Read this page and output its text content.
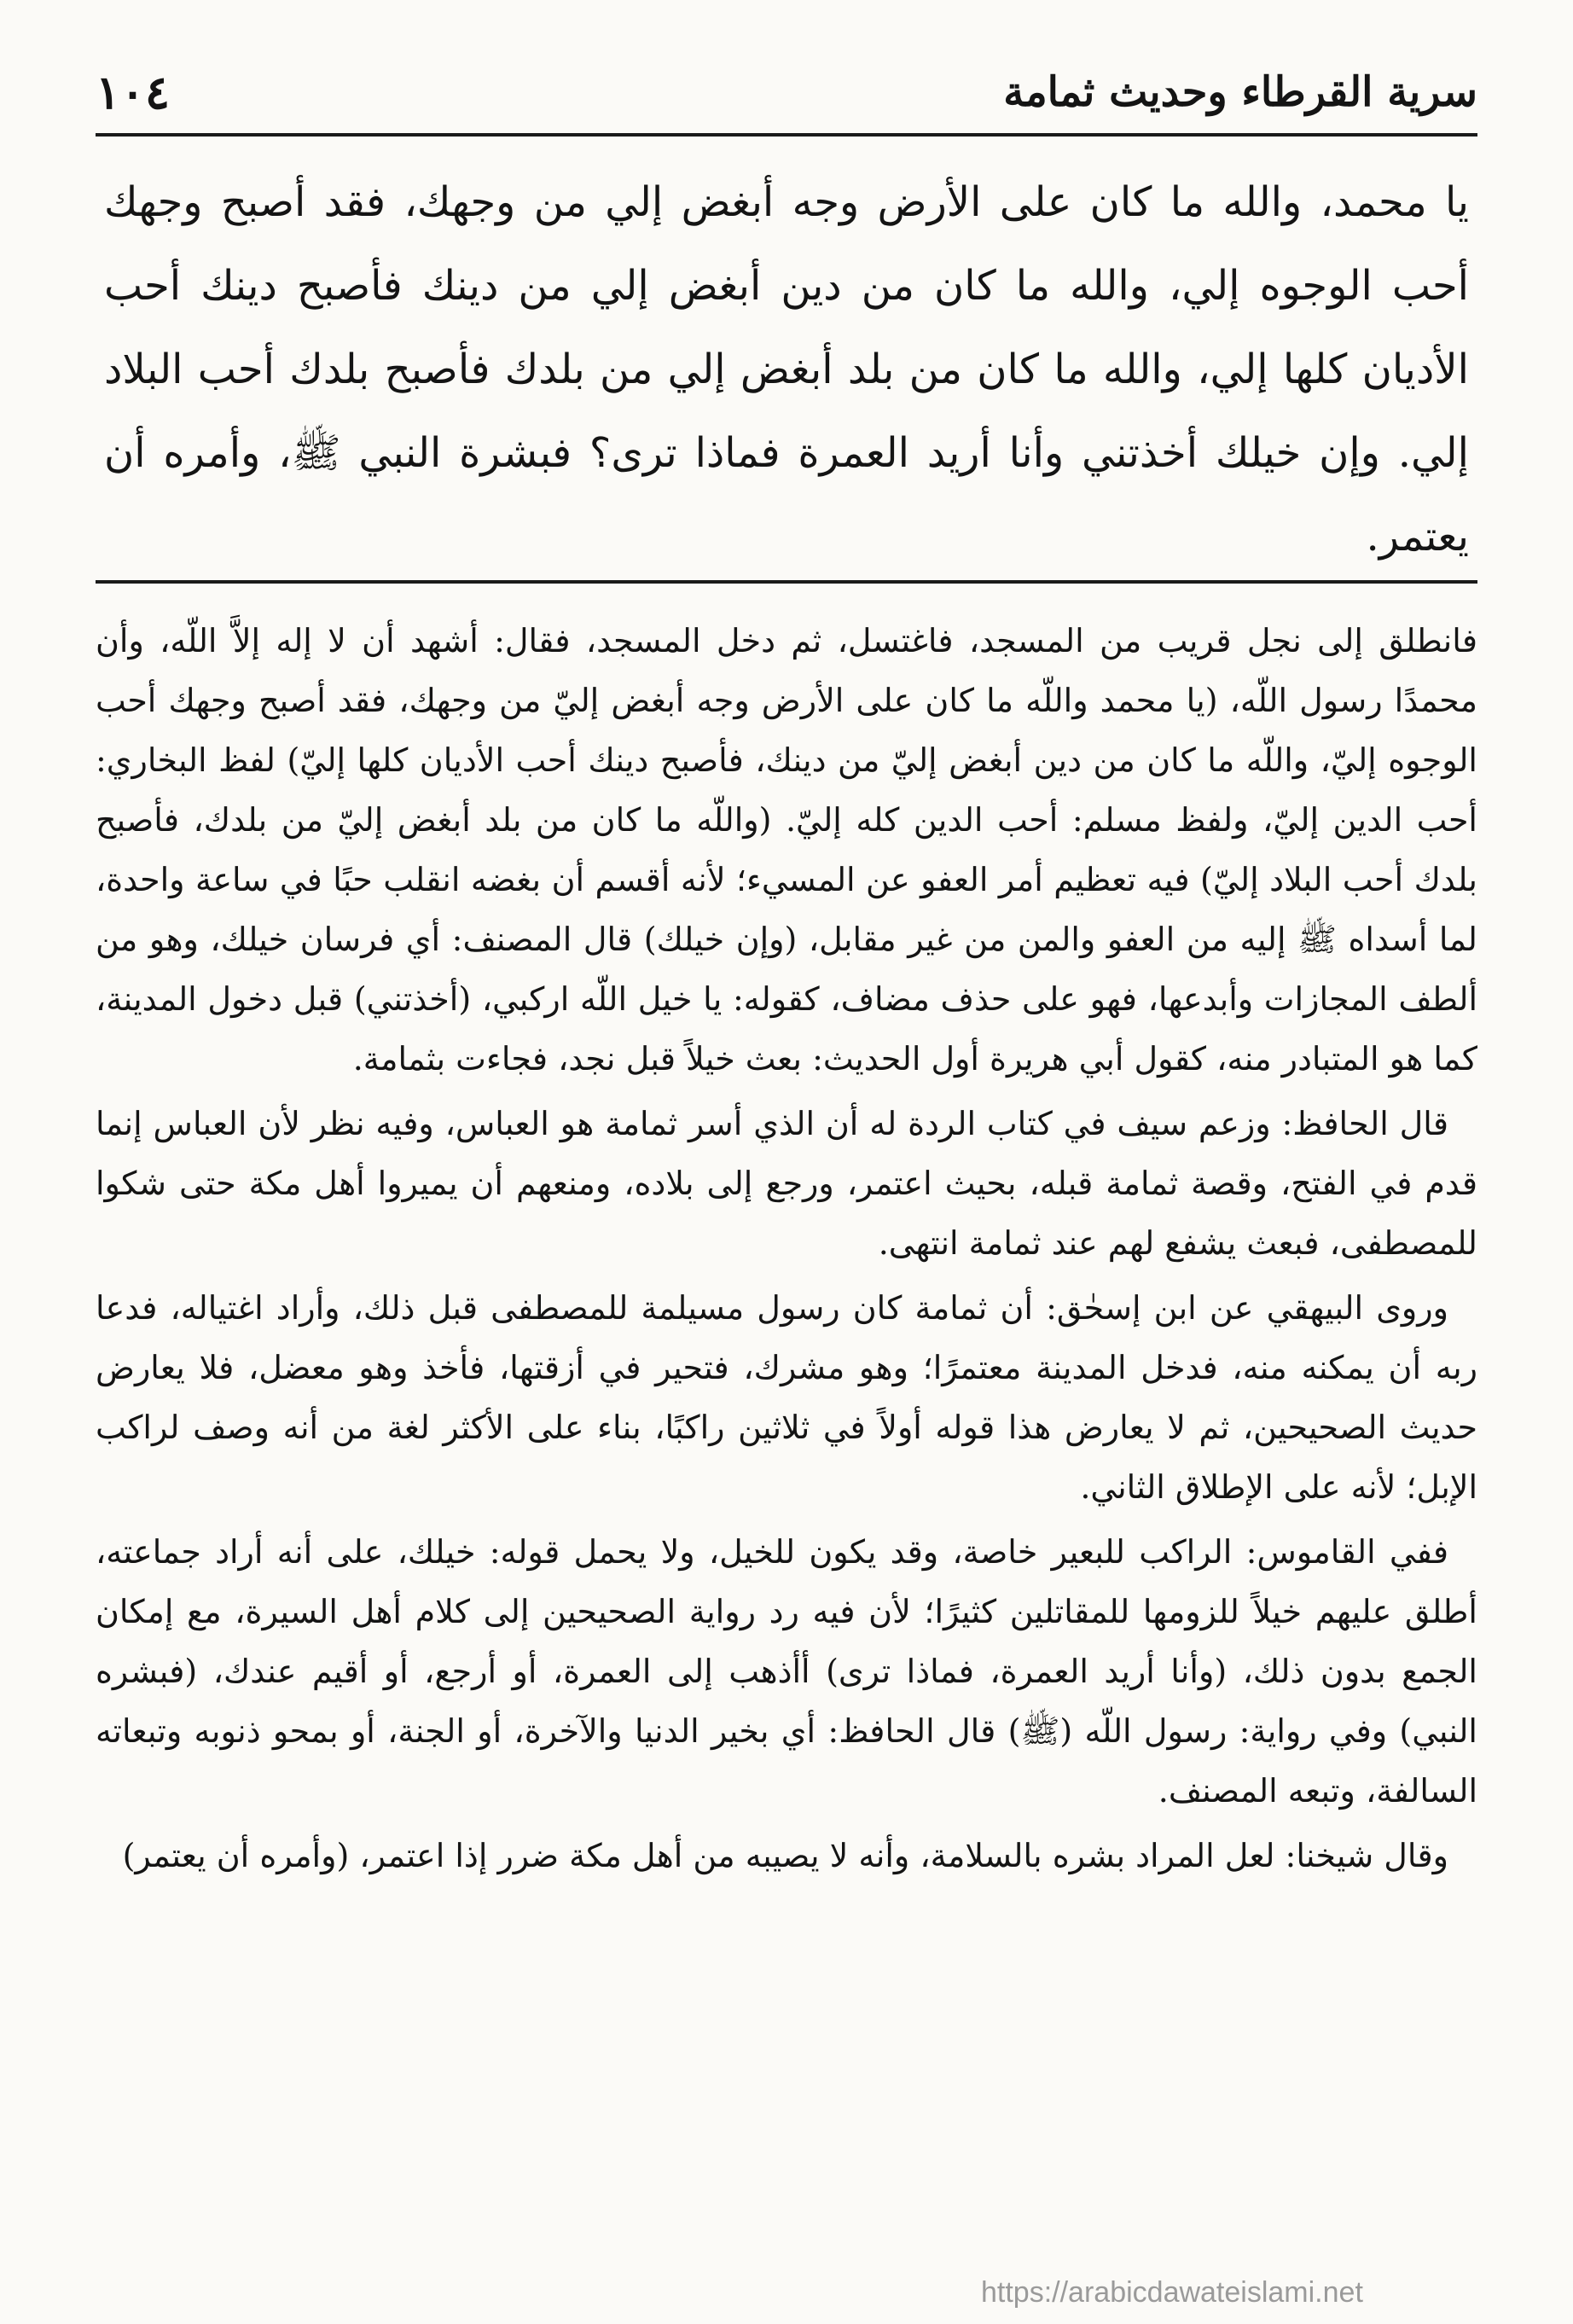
سرية القرطاء وحديث ثمامة
١٠٤

يا محمد، والله ما كان على الأرض وجه أبغض إلي من وجهك، فقد أصبح وجهك أحب الوجوه إلي، والله ما كان من دين أبغض إلي من دينك فأصبح دينك أحب الأديان كلها إلي، والله ما كان من بلد أبغض إلي من بلدك فأصبح بلدك أحب البلاد إلي. وإن خيلك أخذتني وأنا أريد العمرة فماذا ترى؟ فبشرة النبي ﷺ، وأمره أن يعتمر.

فانطلق إلى نجل قريب من المسجد، فاغتسل، ثم دخل المسجد، فقال: أشهد أن لا إله إلاَّ اللّه، وأن محمدًا رسول اللّه، (يا محمد واللّه ما كان على الأرض وجه أبغض إليّ من وجهك، فقد أصبح وجهك أحب الوجوه إليّ، واللّه ما كان من دين أبغض إليّ من دينك، فأصبح دينك أحب الأديان كلها إليّ) لفظ البخاري: أحب الدين إليّ، ولفظ مسلم: أحب الدين كله إليّ. (واللّه ما كان من بلد أبغض إليّ من بلدك، فأصبح بلدك أحب البلاد إليّ) فيه تعظيم أمر العفو عن المسيء؛ لأنه أقسم أن بغضه انقلب حبًا في ساعة واحدة، لما أسداه ﷺ إليه من العفو والمن من غير مقابل، (وإن خيلك) قال المصنف: أي فرسان خيلك، وهو من ألطف المجازات وأبدعها، فهو على حذف مضاف، كقوله: يا خيل اللّه اركبي، (أخذتني) قبل دخول المدينة، كما هو المتبادر منه، كقول أبي هريرة أول الحديث: بعث خيلاً قبل نجد، فجاءت بثمامة.

قال الحافظ: وزعم سيف في كتاب الردة له أن الذي أسر ثمامة هو العباس، وفيه نظر لأن العباس إنما قدم في الفتح، وقصة ثمامة قبله، بحيث اعتمر، ورجع إلى بلاده، ومنعهم أن يميروا أهل مكة حتى شكوا للمصطفى، فبعث يشفع لهم عند ثمامة انتهى.

وروى البيهقي عن ابن إسحٰق: أن ثمامة كان رسول مسيلمة للمصطفى قبل ذلك، وأراد اغتياله، فدعا ربه أن يمكنه منه، فدخل المدينة معتمرًا؛ وهو مشرك، فتحير في أزقتها، فأخذ وهو معضل، فلا يعارض حديث الصحيحين، ثم لا يعارض هذا قوله أولاً في ثلاثين راكبًا، بناء على الأكثر لغة من أنه وصف لراكب الإبل؛ لأنه على الإطلاق الثاني.

ففي القاموس: الراكب للبعير خاصة، وقد يكون للخيل، ولا يحمل قوله: خيلك، على أنه أراد جماعته، أطلق عليهم خيلاً للزومها للمقاتلين كثيرًا؛ لأن فيه رد رواية الصحيحين إلى كلام أهل السيرة، مع إمكان الجمع بدون ذلك، (وأنا أريد العمرة، فماذا ترى) أأذهب إلى العمرة، أو أرجع، أو أقيم عندك، (فبشره النبي) وفي رواية: رسول اللّه (ﷺ) قال الحافظ: أي بخير الدنيا والآخرة، أو الجنة، أو بمحو ذنوبه وتبعاته السالفة، وتبعه المصنف.

وقال شيخنا: لعل المراد بشره بالسلامة، وأنه لا يصيبه من أهل مكة ضرر إذا اعتمر، (وأمره أن يعتمر)

https://arabicdawateislami.net
